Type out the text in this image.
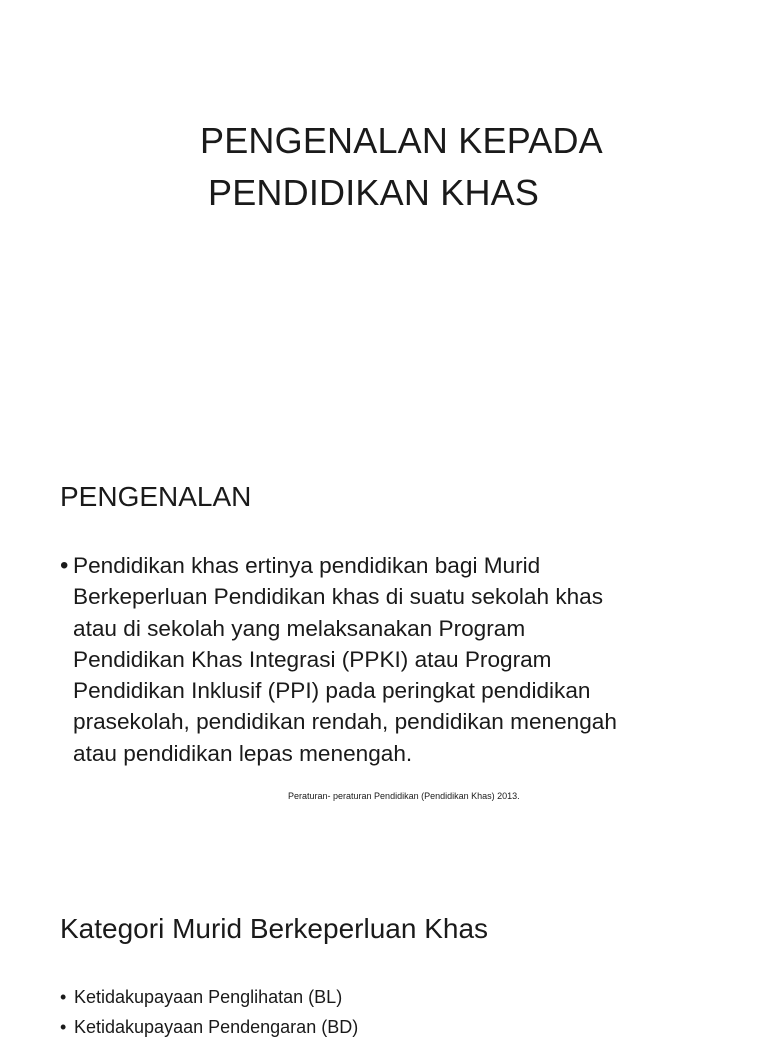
PENGENALAN KEPADA
PENDIDIKAN KHAS
PENGENALAN
• Pendidikan khas ertinya pendidikan bagi Murid
Berkeperluan Pendidikan khas di suatu sekolah khas
atau di sekolah yang melaksanakan Program
Pendidikan Khas Integrasi (PPKI) atau Program
Pendidikan Inklusif (PPI) pada peringkat pendidikan
prasekolah, pendidikan rendah, pendidikan menengah
atau pendidikan lepas menengah.
Peraturan- peraturan Pendidikan (Pendidikan Khas) 2013.
Kategori Murid Berkeperluan Khas
• Ketidakupayaan Penglihatan (BL)
• Ketidakupayaan Pendengaran (BD)
